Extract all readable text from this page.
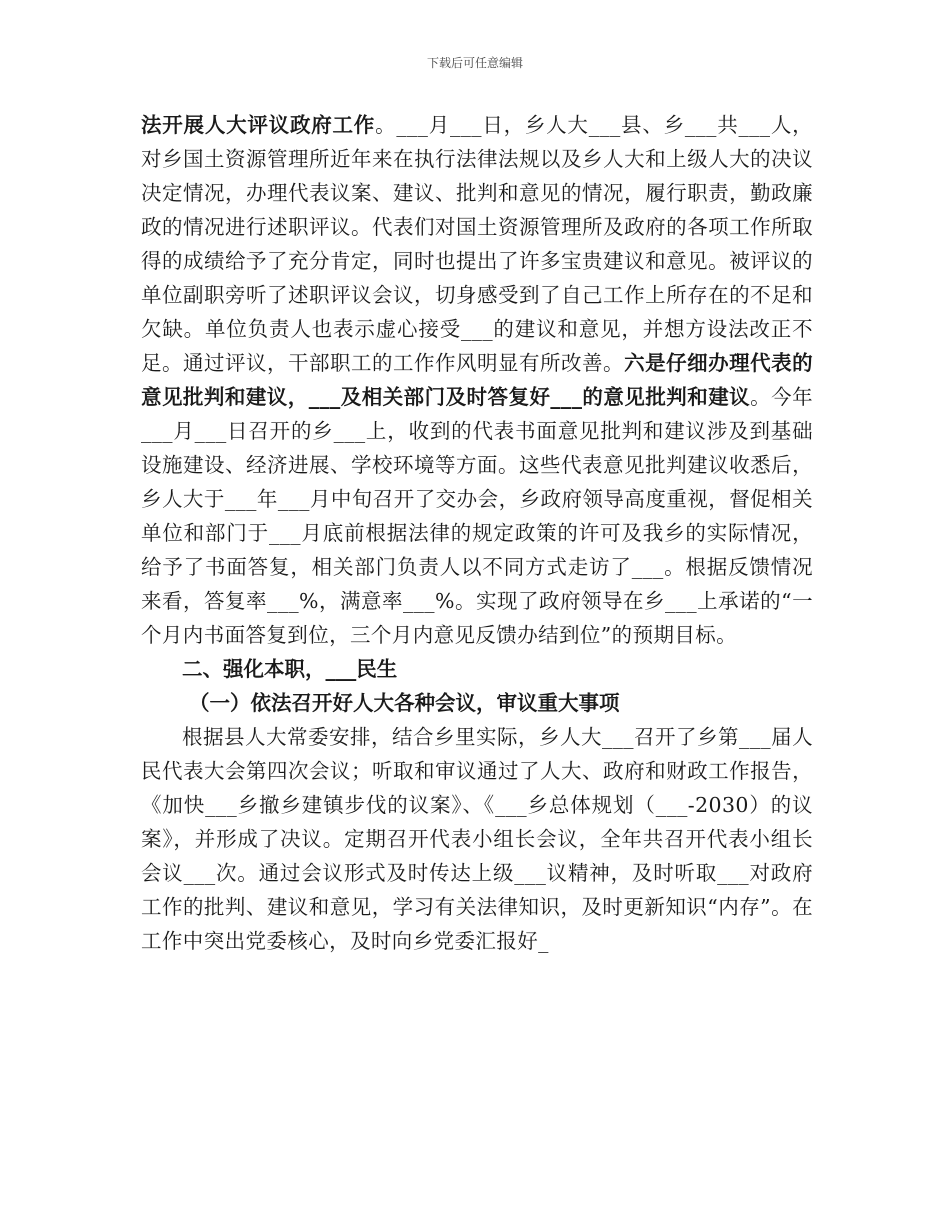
下载后可任意编辑

法开展人大评议政府工作。___月___日，乡人大___县、乡___共___人，对乡国土资源管理所近年来在执行法律法规以及乡人大和上级人大的决议决定情况，办理代表议案、建议、批判和意见的情况，履行职责，勤政廉政的情况进行述职评议。代表们对国土资源管理所及政府的各项工作所取得的成绩给予了充分肯定，同时也提出了许多宝贵建议和意见。被评议的单位副职旁听了述职评议会议，切身感受到了自己工作上所存在的不足和欠缺。单位负责人也表示虚心接受___的建议和意见，并想方设法改正不足。通过评议，干部职工的工作作风明显有所改善。六是仔细办理代表的意见批判和建议，___及相关部门及时答复好___的意见批判和建议。今年___月___日召开的乡___上，收到的代表书面意见批判和建议涉及到基础设施建设、经济进展、学校环境等方面。这些代表意见批判建议收悉后，乡人大于___年___月中旬召开了交办会，乡政府领导高度重视，督促相关单位和部门于___月底前根据法律的规定政策的许可及我乡的实际情况，给予了书面答复，相关部门负责人以不同方式走访了___。根据反馈情况来看，答复率___%，满意率___%。实现了政府领导在乡___上承诺的“一个月内书面答复到位，三个月内意见反馈办结到位”的预期目标。

二、强化本职，___民生

（一）依法召开好人大各种会议，审议重大事项

根据县人大常委安排，结合乡里实际，乡人大___召开了乡第___届人民代表大会第四次会议；听取和审议通过了人大、政府和财政工作报告，《加快___乡撤乡建镇步伐的议案》、《___乡总体规划（___-2030）的议案》，并形成了决议。定期召开代表小组长会议，全年共召开代表小组长会议___次。通过会议形式及时传达上级___议精神，及时听取___对政府工作的批判、建议和意见，学习有关法律知识，及时更新知识“内存”。在工作中突出党委核心，及时向乡党委汇报好_
